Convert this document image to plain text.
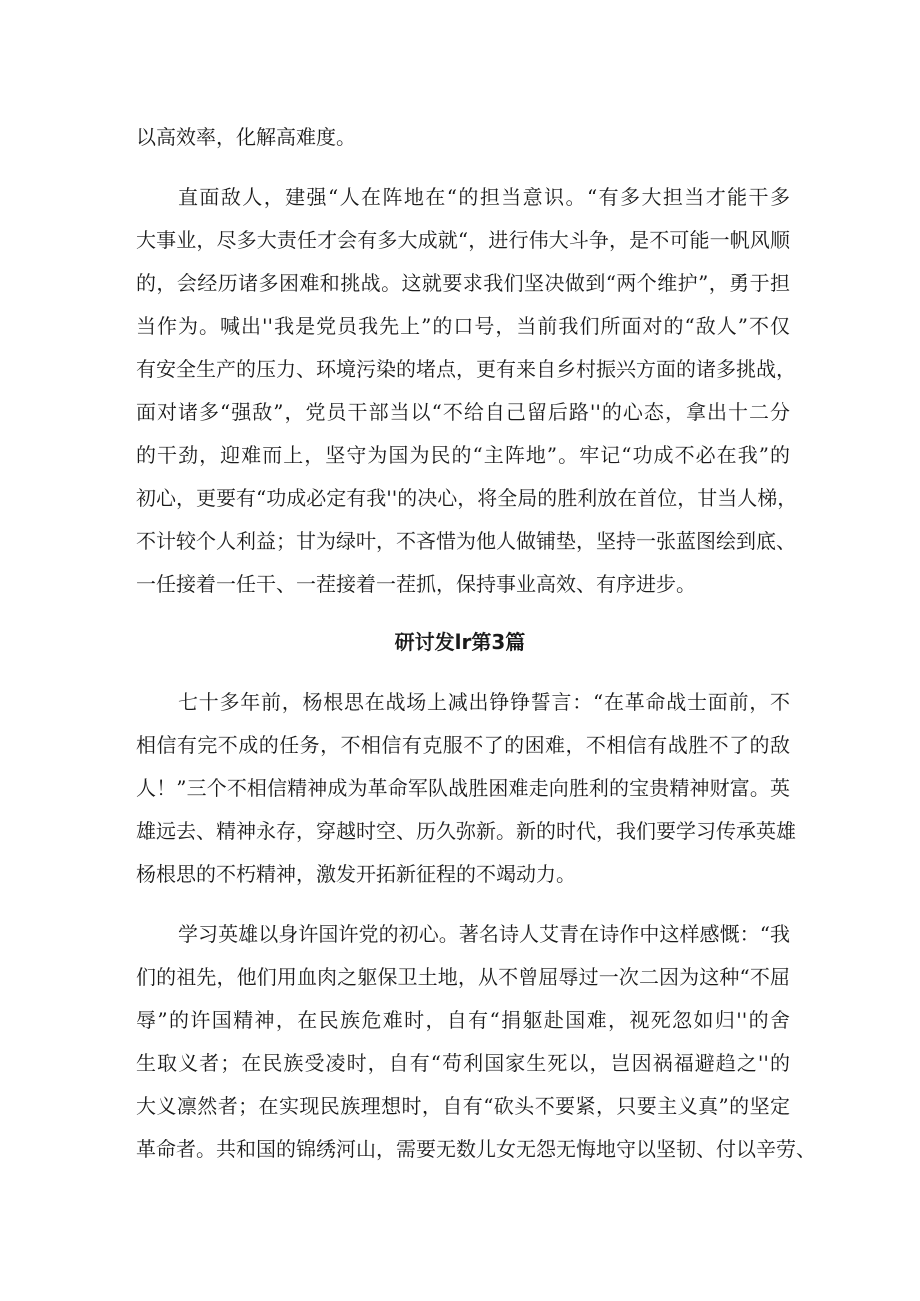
以高效率，化解高难度。
直面敌人，建强“人在阵地在“的担当意识。“有多大担当才能干多
大事业，尽多大责任才会有多大成就“，进行伟大斗争，是不可能一帆风顺
的，会经历诸多困难和挑战。这就要求我们坚决做到“两个维护”，勇于担
当作为。喊出''我是党员我先上”的口号，当前我们所面对的“敌人”不仅
有安全生产的压力、环境污染的堵点，更有来自乡村振兴方面的诸多挑战，
面对诸多“强敌”，党员干部当以“不给自己留后路''的心态，拿出十二分
的干劲，迎难而上，坚守为国为民的“主阵地”。牢记“功成不必在我”的
初心，更要有“功成必定有我''的决心，将全局的胜利放在首位，甘当人梯，
不计较个人利益；甘为绿叶，不吝惜为他人做铺垫，坚持一张蓝图绘到底、
一任接着一任干、一茬接着一茬抓，保持事业高效、有序进步。
研讨发lr第3篇
七十多年前，杨根思在战场上减出铮铮誓言：“在革命战士面前，不
相信有完不成的任务，不相信有克服不了的困难，不相信有战胜不了的敌
人！”三个不相信精神成为革命军队战胜困难走向胜利的宝贵精神财富。英
雄远去、精神永存，穿越时空、历久弥新。新的时代，我们要学习传承英雄
杨根思的不朽精神，激发开拓新征程的不竭动力。
学习英雄以身许国许党的初心。著名诗人艾青在诗作中这样感慨：“我
们的祖先，他们用血肉之躯保卫土地，从不曾屈辱过一次二因为这种“不屈
辱”的许国精神，在民族危难时，自有“捐躯赴国难，视死忽如归''的舍
生取义者；在民族受凌时，自有“苟利国家生死以，岂因祸福避趋之''的
大义凛然者；在实现民族理想时，自有“砍头不要紧，只要主义真”的坚定
革命者。共和国的锦绣河山，需要无数儿女无怨无悔地守以坚韧、付以辛劳、
